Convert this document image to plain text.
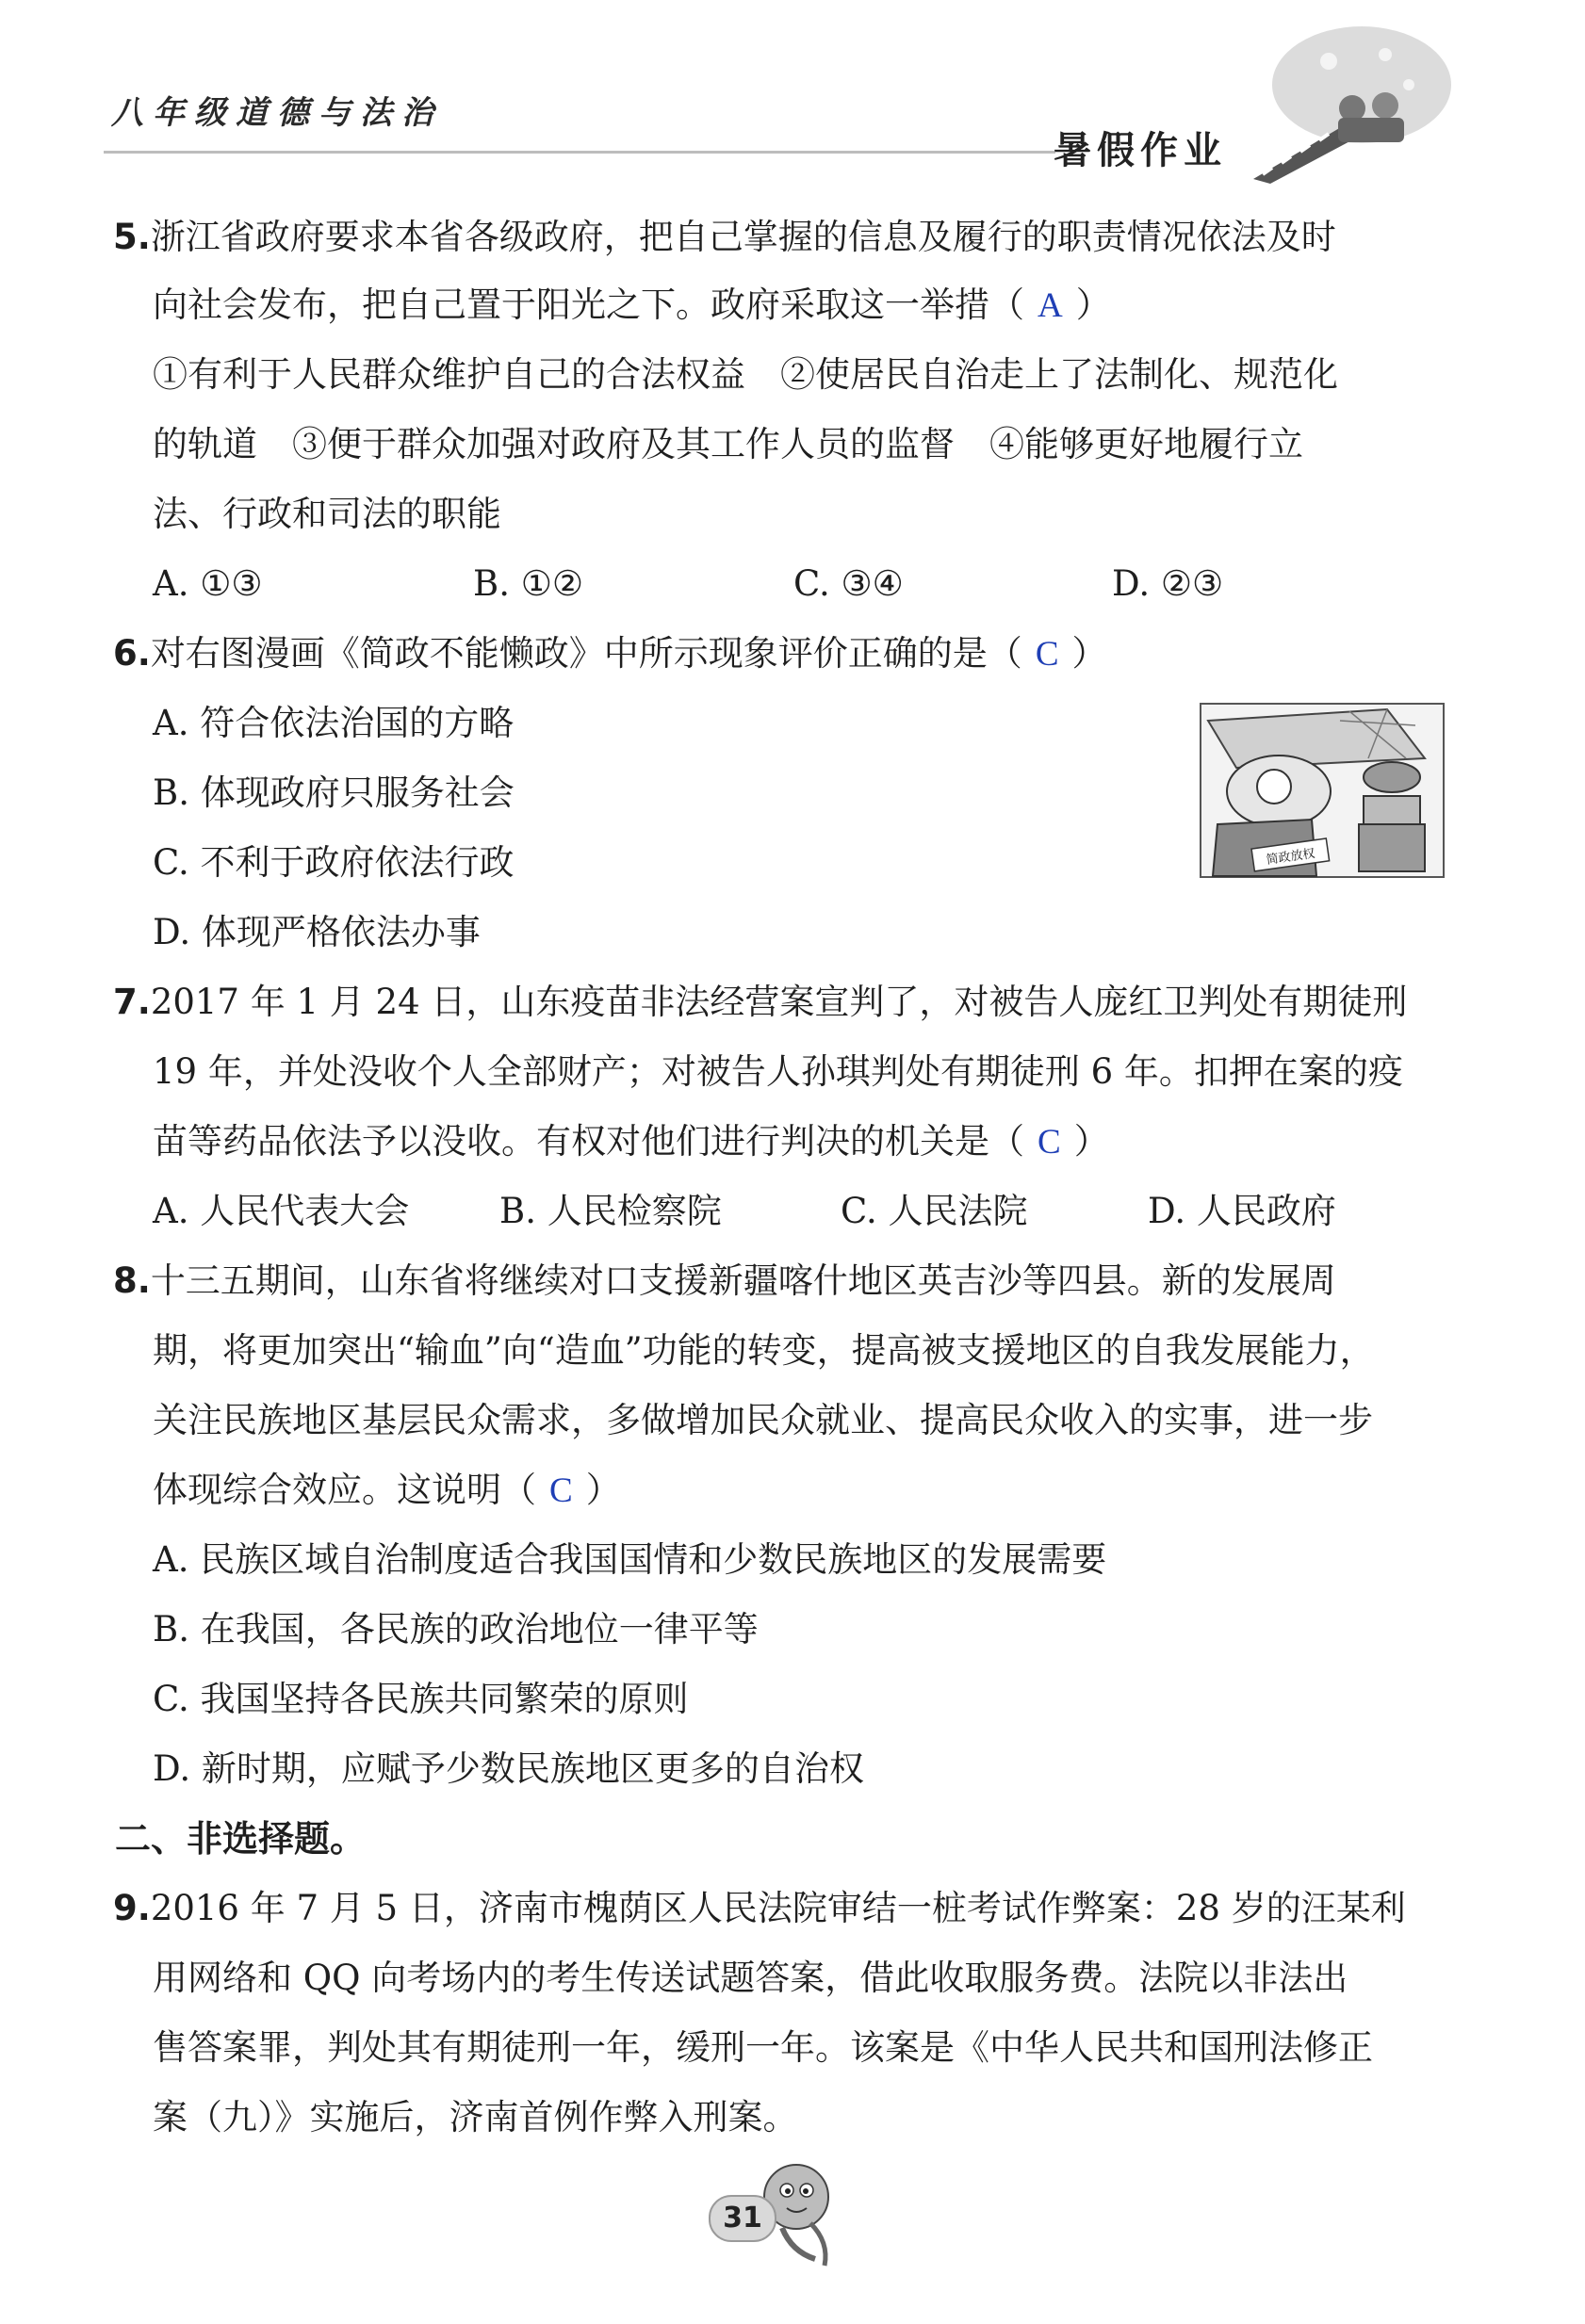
八年级道德与法治
暑假作业
5.浙江省政府要求本省各级政府，把自己掌握的信息及履行的职责情况依法及时
向社会发布，把自己置于阳光之下。政府采取这一举措（ A ）
①有利于人民群众维护自己的合法权益　②使居民自治走上了法制化、规范化
的轨道　③便于群众加强对政府及其工作人员的监督　④能够更好地履行立
法、行政和司法的职能
A. ①③	B. ①②	C. ③④	D. ②③
6.对右图漫画《简政不能懒政》中所示现象评价正确的是（ C ）
A. 符合依法治国的方略
B. 体现政府只服务社会
C. 不利于政府依法行政
D. 体现严格依法办事
简政放权
7.2017 年 1 月 24 日，山东疫苗非法经营案宣判了，对被告人庞红卫判处有期徒刑
19 年，并处没收个人全部财产；对被告人孙琪判处有期徒刑 6 年。扣押在案的疫
苗等药品依法予以没收。有权对他们进行判决的机关是（ C ）
A. 人民代表大会	B. 人民检察院	C. 人民法院	D. 人民政府
8.十三五期间，山东省将继续对口支援新疆喀什地区英吉沙等四县。新的发展周
期，将更加突出“输血”向“造血”功能的转变，提高被支援地区的自我发展能力，
关注民族地区基层民众需求，多做增加民众就业、提高民众收入的实事，进一步
体现综合效应。这说明（ C ）
A. 民族区域自治制度适合我国国情和少数民族地区的发展需要
B. 在我国，各民族的政治地位一律平等
C. 我国坚持各民族共同繁荣的原则
D. 新时期，应赋予少数民族地区更多的自治权
二、非选择题。
9.2016 年 7 月 5 日，济南市槐荫区人民法院审结一桩考试作弊案：28 岁的汪某利
用网络和 QQ 向考场内的考生传送试题答案，借此收取服务费。法院以非法出
售答案罪，判处其有期徒刑一年，缓刑一年。该案是《中华人民共和国刑法修正
案（九）》实施后，济南首例作弊入刑案。
31
